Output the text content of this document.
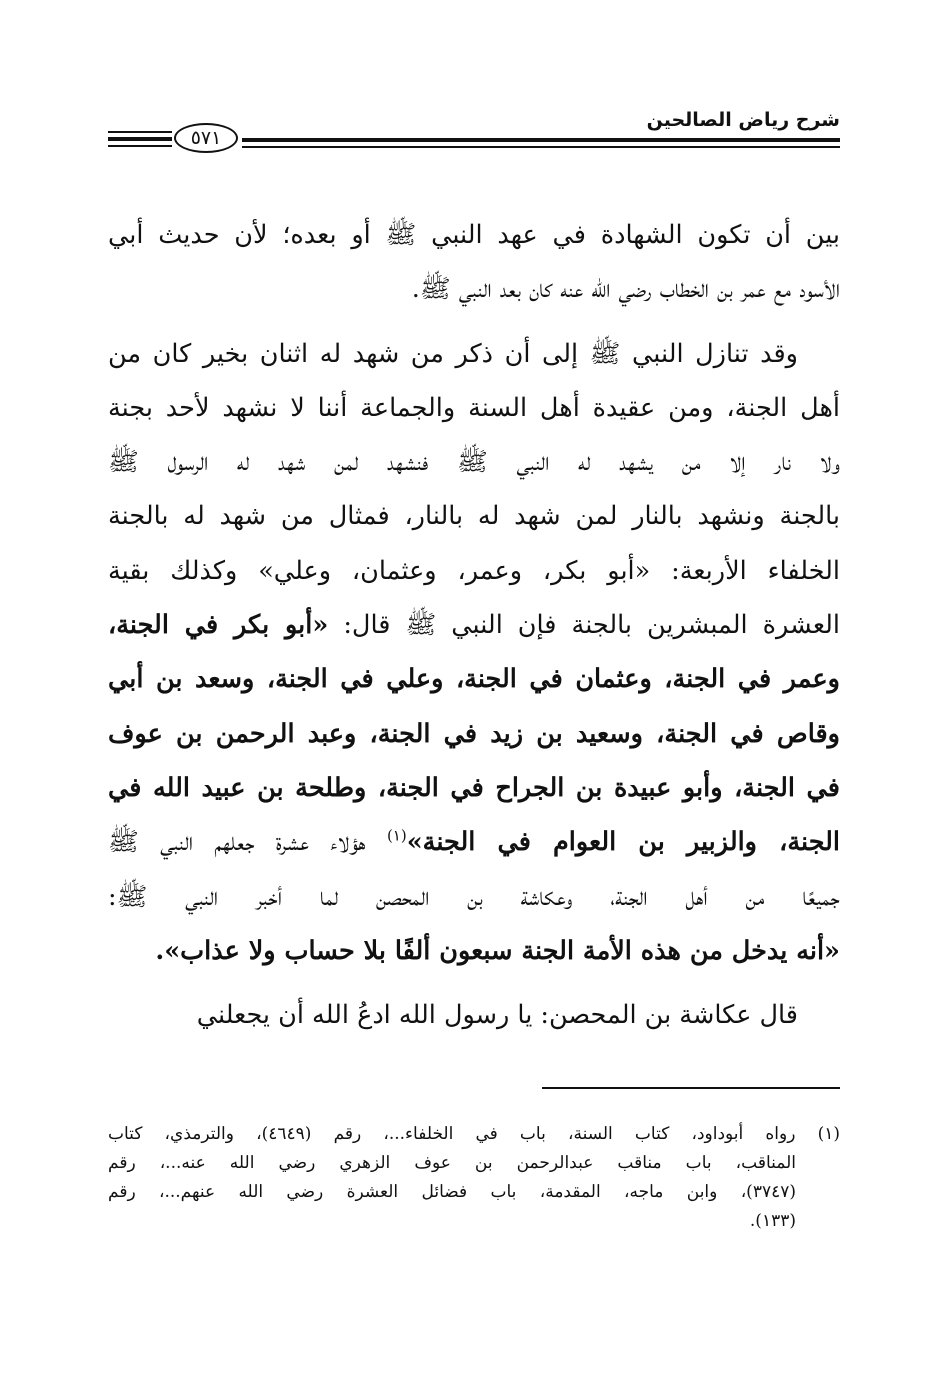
شرح رياض الصالحين
٥٧١
بين أن تكون الشهادة في عهد النبي ﷺ أو بعده؛ لأن حديث أبي
الأسود مع عمر بن الخطاب رضي الله عنه كان بعد النبي ﷺ.
وقد تنازل النبي ﷺ إلى أن ذكر من شهد له اثنان بخير كان من
أهل الجنة، ومن عقيدة أهل السنة والجماعة أننا لا نشهد لأحد بجنة
ولا نار إلا من يشهد له النبي ﷺ فنشهد لمن شهد له الرسول ﷺ
بالجنة ونشهد بالنار لمن شهد له بالنار، فمثال من شهد له بالجنة
الخلفاء الأربعة: «أبو بكر، وعمر، وعثمان، وعلي» وكذلك بقية
العشرة المبشرين بالجنة فإن النبي ﷺ قال: «أبو بكر في الجنة،
وعمر في الجنة، وعثمان في الجنة، وعلي في الجنة، وسعد بن أبي
وقاص في الجنة، وسعيد بن زيد في الجنة، وعبد الرحمن بن عوف
في الجنة، وأبو عبيدة بن الجراح في الجنة، وطلحة بن عبيد الله في
الجنة، والزبير بن العوام في الجنة»$^{(١)}$ هؤلاء عشرة جعلهم النبي ﷺ
جميعًا من أهل الجنة، وعكاشة بن المحصن لما أخبر النبي ﷺ:
«أنه يدخل من هذه الأمة الجنة سبعون ألفًا بلا حساب ولا عذاب».
قال عكاشة بن المحصن: يا رسول الله ادعُ الله أن يجعلني
(١) رواه أبوداود، كتاب السنة، باب في الخلفاء...، رقم (٤٦٤٩)، والترمذي، كتاب
المناقب، باب مناقب عبدالرحمن بن عوف الزهري رضي الله عنه...، رقم
(٣٧٤٧)، وابن ماجه، المقدمة، باب فضائل العشرة رضي الله عنهم...، رقم
(١٣٣).
